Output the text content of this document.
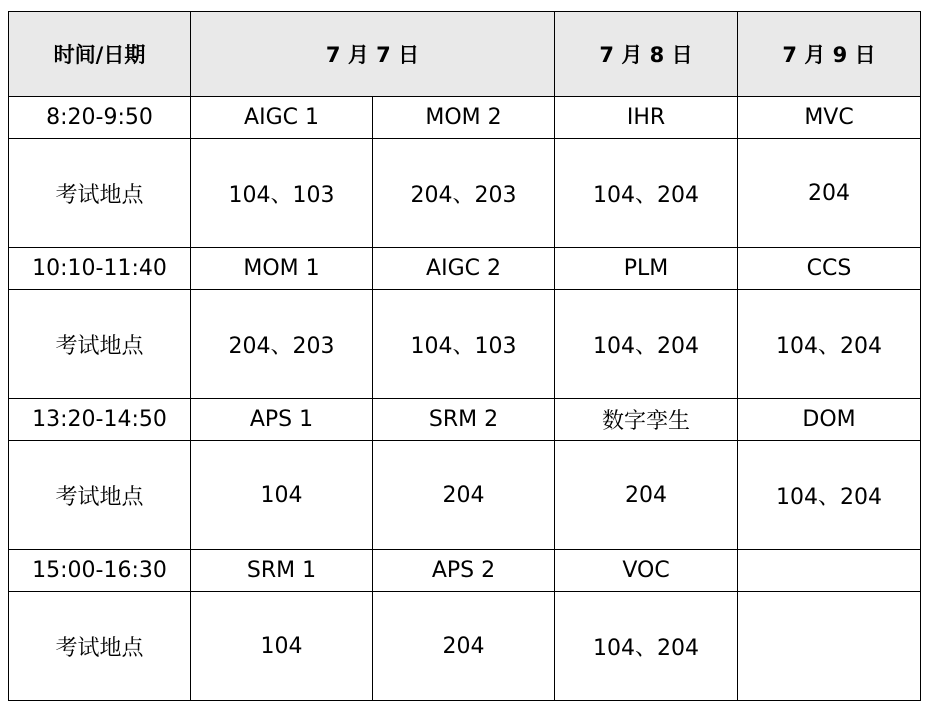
时间/日期	7 月 7 日		7 月 8 日	7 月 9 日
8:20-9:50	AIGC 1	MOM 2	IHR	MVC
考试地点	104、103	204、203	104、204	204
10:10-11:40	MOM 1	AIGC 2	PLM	CCS
考试地点	204、203	104、103	104、204	104、204
13:20-14:50	APS 1	SRM 2	数字孪生	DOM
考试地点	104	204	204	104、204
15:00-16:30	SRM 1	APS 2	VOC	
考试地点	104	204	104、204	
